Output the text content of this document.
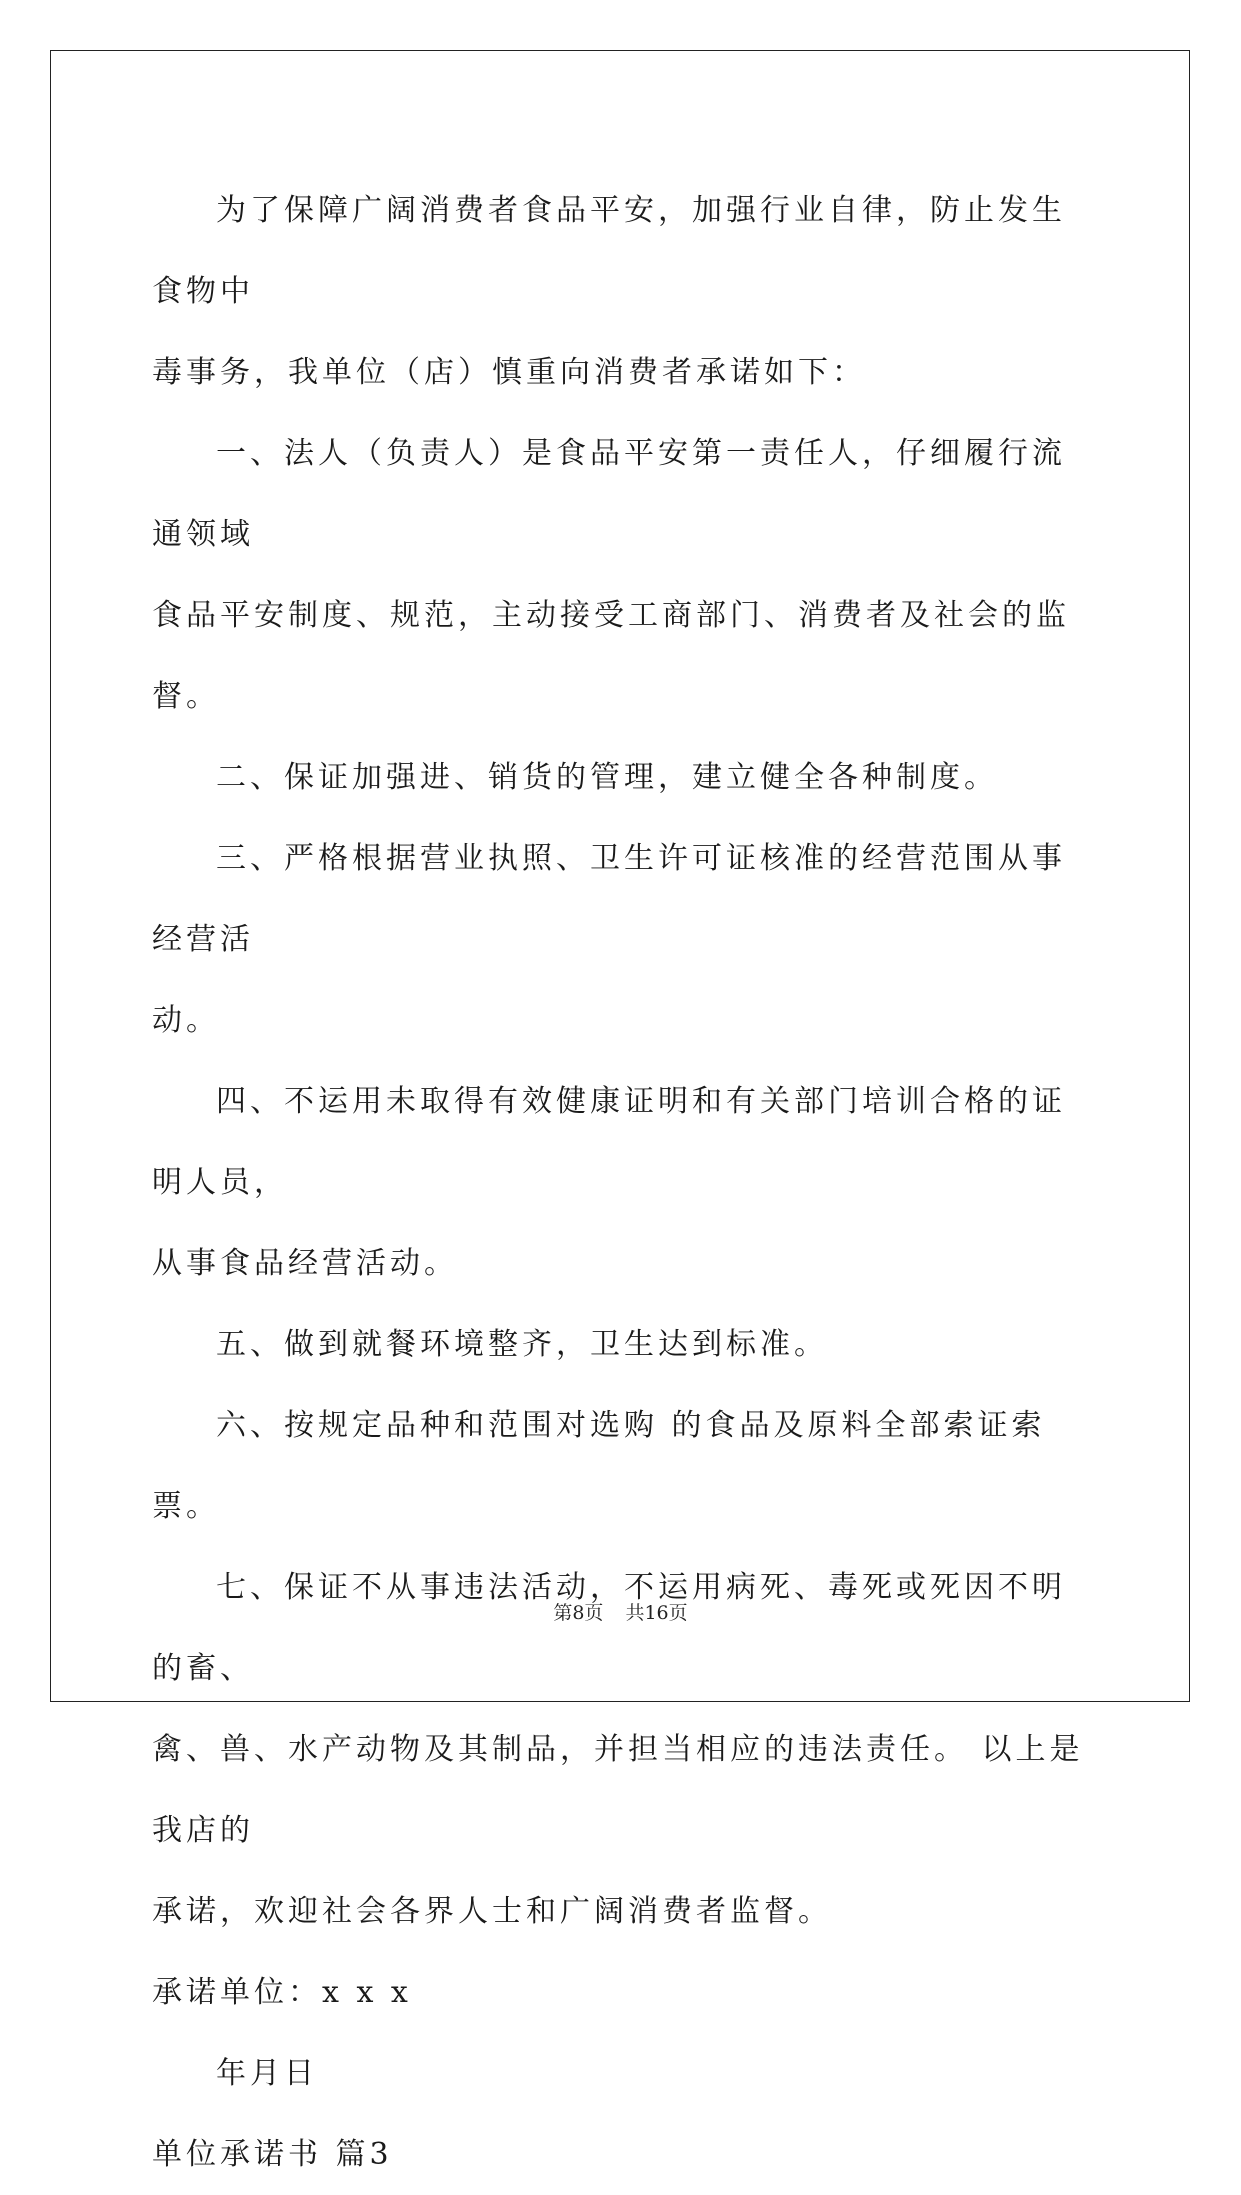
为了保障广阔消费者食品平安，加强行业自律，防止发生食物中

毒事务，我单位（店）慎重向消费者承诺如下：

一、法人（负责人）是食品平安第一责任人，仔细履行流通领域

食品平安制度、规范，主动接受工商部门、消费者及社会的监督。

二、保证加强进、销货的管理，建立健全各种制度。

三、严格根据营业执照、卫生许可证核准的经营范围从事经营活

动。

四、不运用未取得有效健康证明和有关部门培训合格的证明人员，

从事食品经营活动。

五、做到就餐环境整齐，卫生达到标准。

六、按规定品种和范围对选购 的食品及原料全部索证索票。

七、保证不从事违法活动，不运用病死、毒死或死因不明的畜、

禽、兽、水产动物及其制品，并担当相应的违法责任。 以上是我店的

承诺，欢迎社会各界人士和广阔消费者监督。

承诺单位：x x x

年月日

单位承诺书 篇3

第8页 共16页
